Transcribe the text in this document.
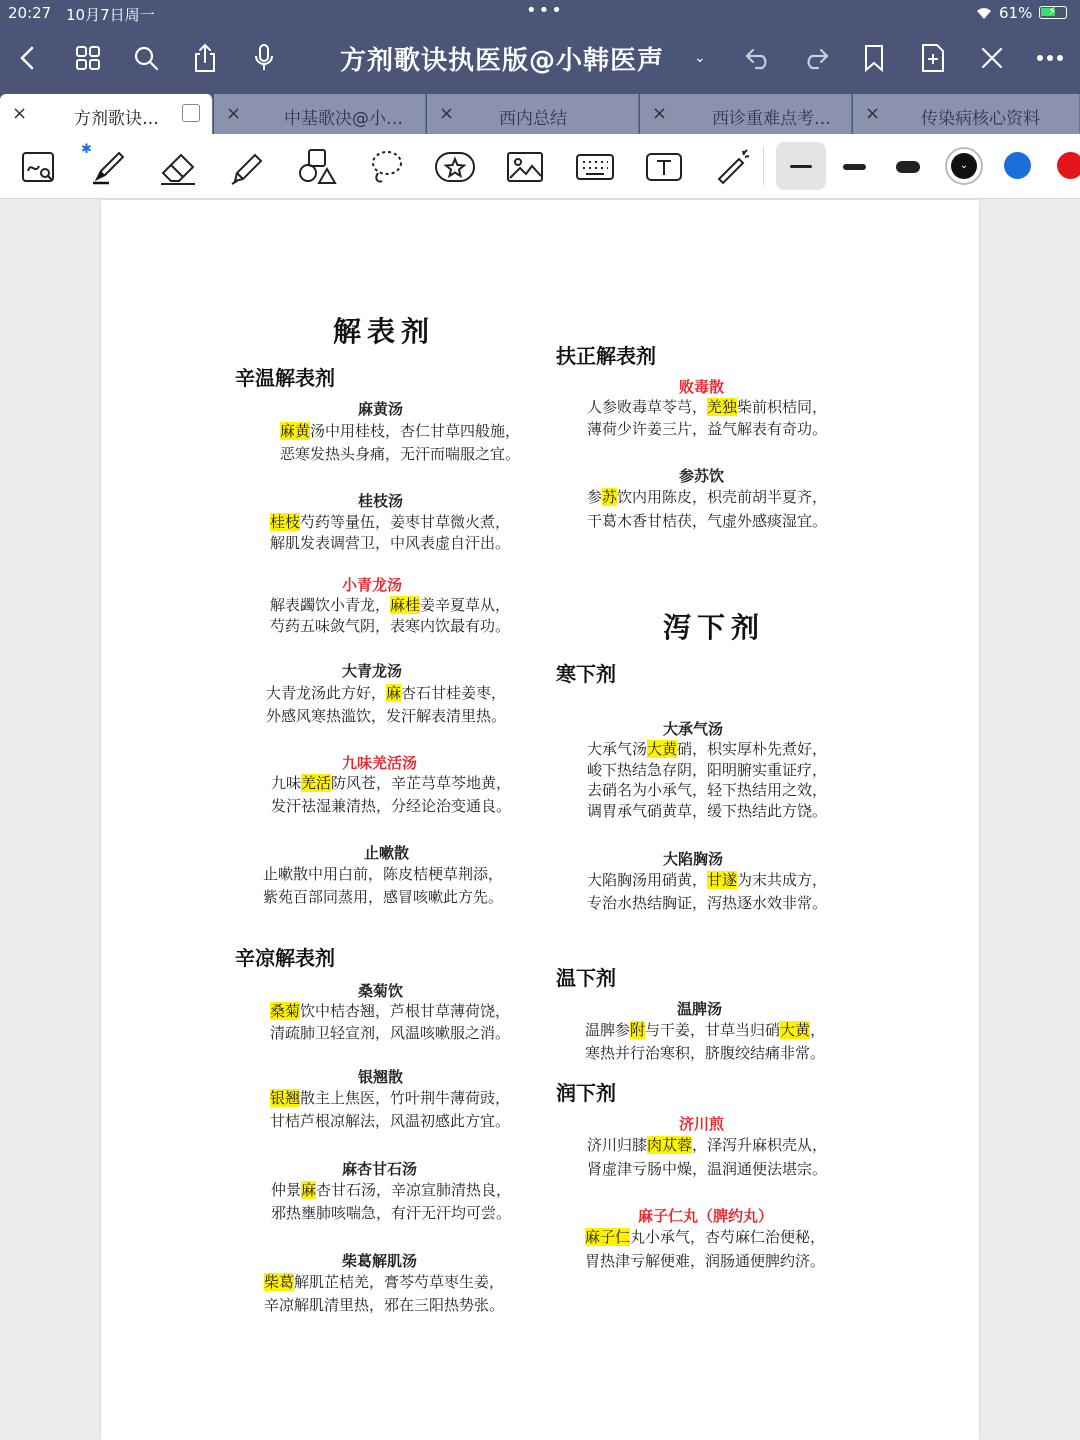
20:27 10月7日周一	•••	61% ⚡
方剂歌诀执医版@小韩医声 ⌄
×	方剂歌诀…	×	中基歌决@小…	×	西内总结	×	西诊重难点考…	× 传染病核心资料
✱
⌄
解表剂
辛温解表剂
麻黄汤
麻黄汤中用桂枝，杏仁甘草四般施，
恶寒发热头身痛，无汗而喘服之宜。
桂枝汤
桂枝芍药等量伍，姜枣甘草微火煮，
解肌发表调营卫，中风表虚自汗出。
小青龙汤
解表蠲饮小青龙，麻桂姜辛夏草从，
芍药五味敛气阴，表寒内饮最有功。
大青龙汤
大青龙汤此方好，麻杏石甘桂姜枣，
外感风寒热滥饮，发汗解表清里热。
九味羌活汤
九味羌活防风苍，辛芷芎草芩地黄，
发汗祛湿兼清热，分经论治变通良。
止嗽散
止嗽散中用白前，陈皮桔梗草荆添，
紫苑百部同蒸用，感冒咳嗽此方先。
辛凉解表剂
桑菊饮
桑菊饮中桔杏翘，芦根甘草薄荷饶，
清疏肺卫轻宣剂，风温咳嗽服之消。
银翘散
银翘散主上焦医，竹叶荆牛薄荷豉，
甘桔芦根凉解法，风温初感此方宜。
麻杏甘石汤
仲景麻杏甘石汤，辛凉宣肺清热良，
邪热壅肺咳喘急，有汗无汗均可尝。
柴葛解肌汤
柴葛解肌芷桔羌，膏芩芍草枣生姜，
辛凉解肌清里热，邪在三阳热势张。
扶正解表剂
败毒散
人参败毒草苓芎，羌独柴前枳桔同，
薄荷少许姜三片，益气解表有奇功。
参苏饮
参苏饮内用陈皮，枳壳前胡半夏齐，
干葛木香甘桔茯，气虚外感痰湿宜。
泻下剂
寒下剂
大承气汤
大承气汤大黄硝，枳实厚朴先煮好，
峻下热结急存阴，阳明腑实重证疗，
去硝名为小承气，轻下热结用之效，
调胃承气硝黄草，缓下热结此方饶。
大陷胸汤
大陷胸汤用硝黄，甘遂为末共成方，
专治水热结胸证，泻热逐水效非常。
温下剂
温脾汤
温脾参附与干姜，甘草当归硝大黄，
寒热并行治寒积，脐腹绞结痛非常。
润下剂
济川煎
济川归膝肉苁蓉，泽泻升麻枳壳从，
肾虚津亏肠中燥，温润通便法堪宗。
麻子仁丸（脾约丸）
麻子仁丸小承气，杏芍麻仁治便秘，
胃热津亏解便难，润肠通便脾约济。
